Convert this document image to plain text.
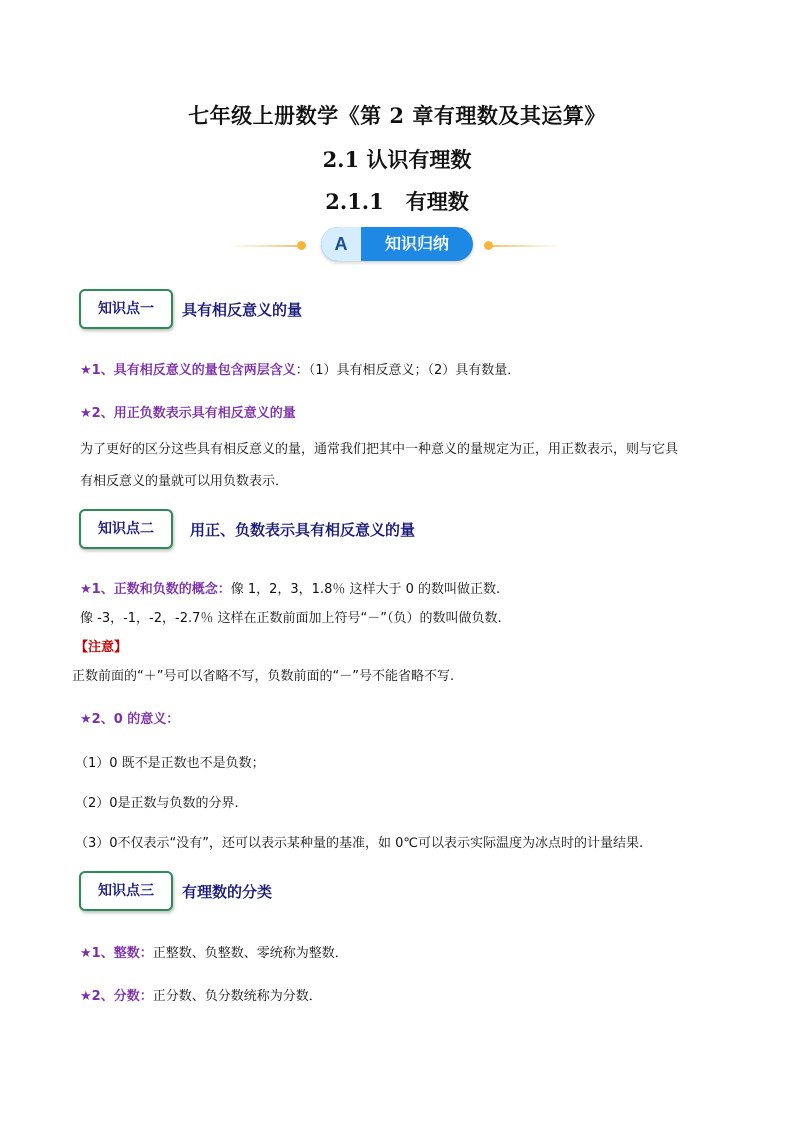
七年级上册数学《第 2 章有理数及其运算》
2.1 认识有理数
2.1.1 有理数
A	知识归纳
知识点一	具有相反意义的量
★1、具有相反意义的量包含两层含义：（1）具有相反意义；（2）具有数量．
★2、用正负数表示具有相反意义的量
为了更好的区分这些具有相反意义的量，通常我们把其中一种意义的量规定为正，用正数表示，则与它具
有相反意义的量就可以用负数表示．
知识点二	用正、负数表示具有相反意义的量
★1、正数和负数的概念：像 1，2，3，1.8％ 这样大于 0 的数叫做正数.
像 -3，-1，-2，-2.7％ 这样在正数前面加上符号“－”（负）的数叫做负数.
【注意】
正数前面的“＋”号可以省略不写，负数前面的“－”号不能省略不写.
★2、0 的意义：
（1）0 既不是正数也不是负数；
（2）0是正数与负数的分界.
（3）0不仅表示“没有”，还可以表示某种量的基准，如 0℃可以表示实际温度为冰点时的计量结果.
知识点三	有理数的分类
★1、整数：正整数、负整数、零统称为整数．
★2、分数：正分数、负分数统称为分数．
